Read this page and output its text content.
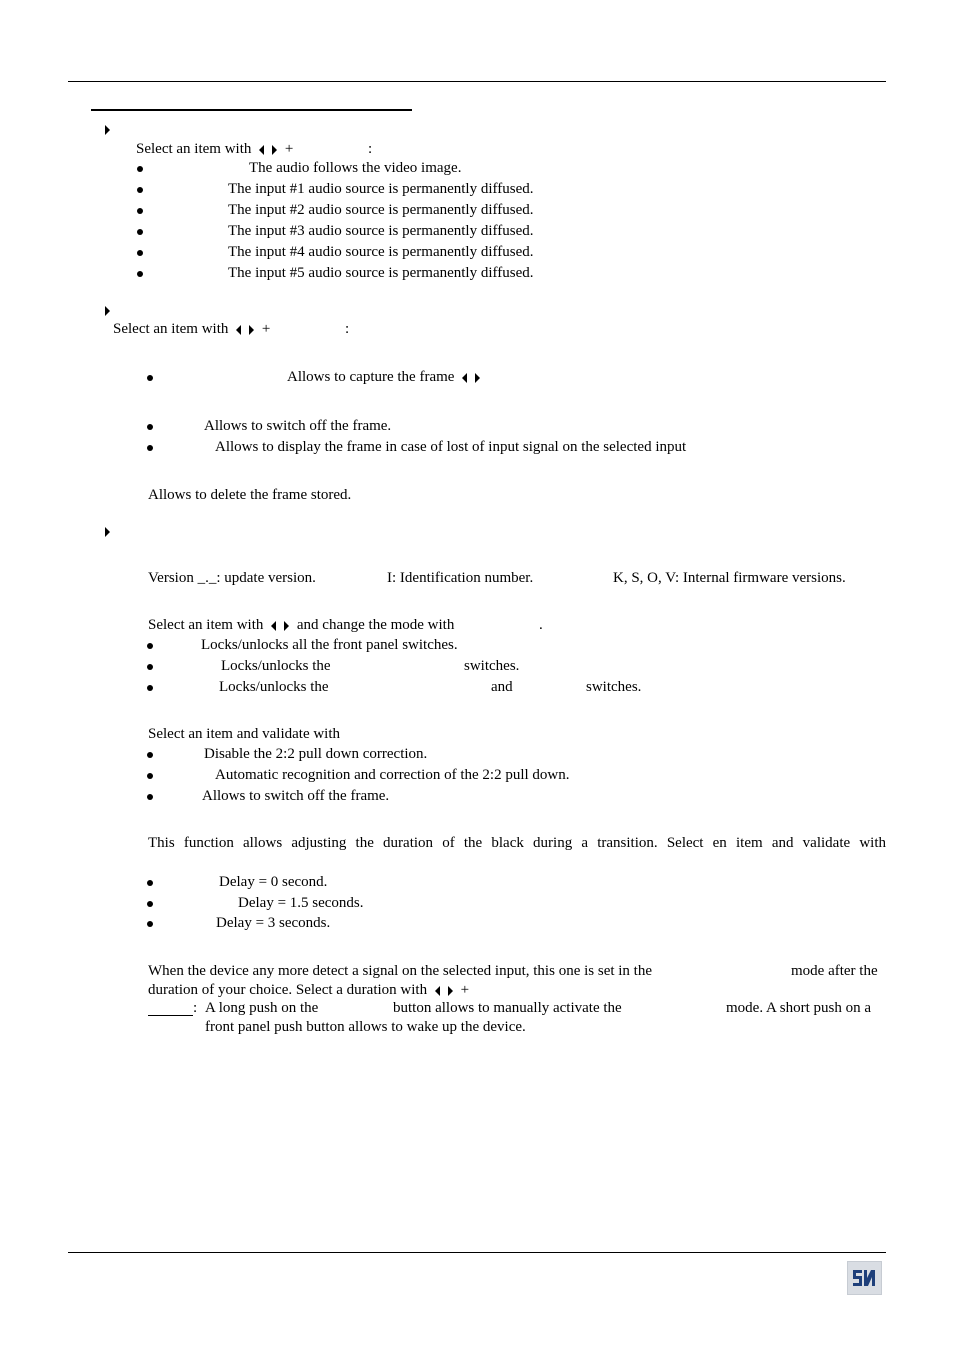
Select an item with +	:
The audio follows the video image.
The input #1 audio source is permanently diffused.
The input #2 audio source is permanently diffused.
The input #3 audio source is permanently diffused.
The input #4 audio source is permanently diffused.
The input #5 audio source is permanently diffused.
Select an item with +	:
Allows to capture the frame
Allows to switch off the frame.
Allows to display the frame in case of lost of input signal on the selected input
Allows to delete the frame stored.
Version _._: update version.	I: Identification number.	K, S, O, V: Internal firmware versions.
Select an item with and change the mode with	.
Locks/unlocks all the front panel switches.
Locks/unlocks the	switches.
Locks/unlocks the	and	switches.
Select an item and validate with
Disable the 2:2 pull down correction.
Automatic recognition and correction of the 2:2 pull down.
Allows to switch off the frame.
This function allows adjusting the duration of the black during a transition. Select en item and validate with
Delay = 0 second.
Delay = 1.5 seconds.
Delay = 3 seconds.
When the device any more detect a signal on the selected input, this one is set in the	mode after the
duration of your choice. Select a duration with +
: A long push on the	button allows to manually activate the	mode. A short push on a
front panel push button allows to wake up the device.
